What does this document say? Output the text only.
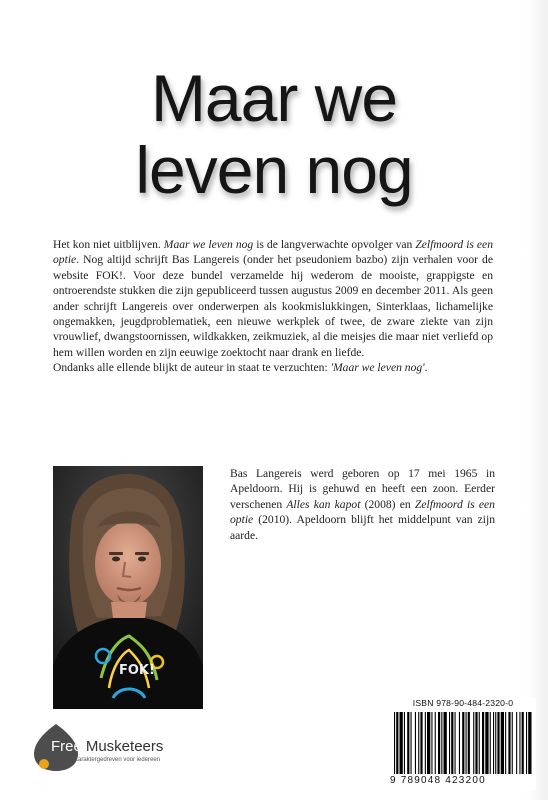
Maar we
leven nog

Het kon niet uitblijven. Maar we leven nog is de langverwachte opvolger van Zelfmoord is een optie. Nog altijd schrijft Bas Langereis (onder het pseudoniem bazbo) zijn verhalen voor de website FOK!. Voor deze bundel verzamelde hij wederom de mooiste, grappigste en ontroerendste stukken die zijn gepubliceerd tussen augustus 2009 en december 2011. Als geen ander schrijft Langereis over onderwerpen als kookmislukkingen, Sinterklaas, lichamelijke ongemakken, jeugdproblematiek, een nieuwe werkplek of twee, de zware ziekte van zijn vrouwlief, dwangstoornissen, wildkakken, zeikmuziek, al die meisjes die maar niet verliefd op hem willen worden en zijn eeuwige zoektocht naar drank en liefde.

Ondanks alle ellende blijkt de auteur in staat te verzuchten: 'Maar we leven nog'.

FOK!

Bas Langereis werd geboren op 17 mei 1965 in Apeldoorn. Hij is gehuwd en heeft een zoon. Eerder verschenen Alles kan kapot (2008) en Zelfmoord is een optie (2010). Apeldoorn blijft het middelpunt van zijn aarde.

Free Musketeers
Karaktergedreven voor iedereen
ISBN 978-90-484-2320-0
9 789048 423200
